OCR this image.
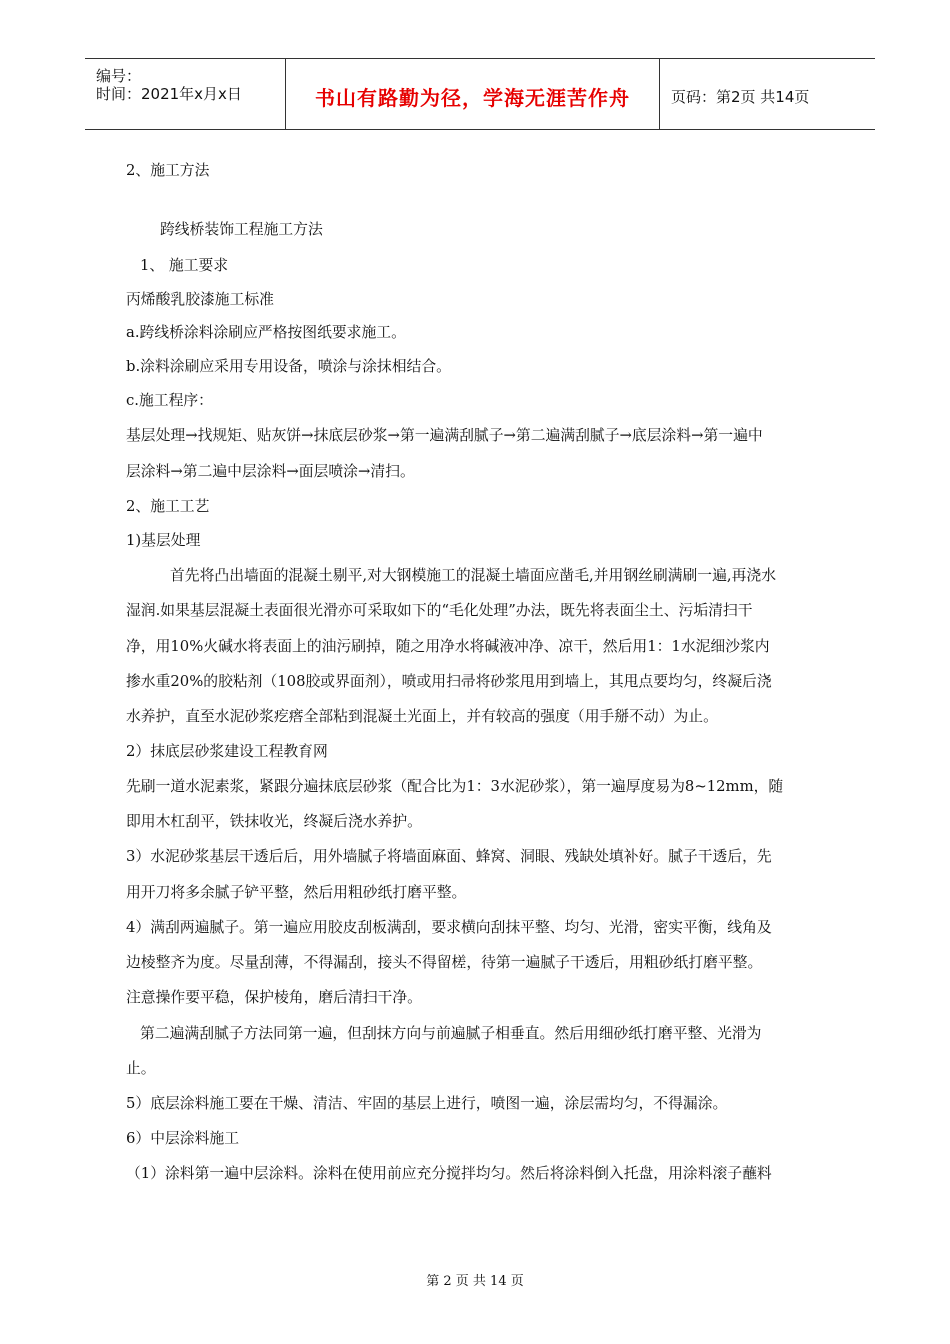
编号：
时间：2021年x月x日	书山有路勤为径，学海无涯苦作舟	页码：第2页 共14页
2、施工方法
跨线桥装饰工程施工方法
1、 施工要求
丙烯酸乳胶漆施工标准
a.跨线桥涂料涂刷应严格按图纸要求施工。
b.涂料涂刷应采用专用设备，喷涂与涂抹相结合。
c.施工程序：
基层处理→找规矩、贴灰饼→抹底层砂浆→第一遍满刮腻子→第二遍满刮腻子→底层涂料→第一遍中
层涂料→第二遍中层涂料→面层喷涂→清扫。
2、施工工艺
1)基层处理
首先将凸出墙面的混凝土剔平,对大钢模施工的混凝土墙面应凿毛,并用钢丝刷满刷一遍,再浇水
湿润.如果基层混凝土表面很光滑亦可采取如下的“毛化处理”办法，既先将表面尘土、污垢清扫干
净，用10%火碱水将表面上的油污刷掉，随之用净水将碱液冲净、凉干，然后用1：1水泥细沙浆内
掺水重20%的胶粘剂（108胶或界面剂），喷或用扫帚将砂浆甩用到墙上，其甩点要均匀，终凝后浇
水养护，直至水泥砂浆疙瘩全部粘到混凝土光面上，并有较高的强度（用手掰不动）为止。
2）抹底层砂浆建设工程教育网
先刷一道水泥素浆，紧跟分遍抹底层砂浆（配合比为1：3水泥砂浆），第一遍厚度易为8~12mm，随
即用木杠刮平，铁抹收光，终凝后浇水养护。
3）水泥砂浆基层干透后后，用外墙腻子将墙面麻面、蜂窝、洞眼、残缺处填补好。腻子干透后，先
用开刀将多余腻子铲平整，然后用粗砂纸打磨平整。
4）满刮两遍腻子。第一遍应用胶皮刮板满刮，要求横向刮抹平整、均匀、光滑，密实平衡，线角及
边棱整齐为度。尽量刮薄，不得漏刮，接头不得留槎，待第一遍腻子干透后，用粗砂纸打磨平整。
注意操作要平稳，保护棱角，磨后清扫干净。
第二遍满刮腻子方法同第一遍，但刮抹方向与前遍腻子相垂直。然后用细砂纸打磨平整、光滑为
止。
5）底层涂料施工要在干燥、清洁、牢固的基层上进行，喷图一遍，涂层需均匀，不得漏涂。
6）中层涂料施工
（1）涂料第一遍中层涂料。涂料在使用前应充分搅拌均匀。然后将涂料倒入托盘，用涂料滚子蘸料
第 2 页 共 14 页
